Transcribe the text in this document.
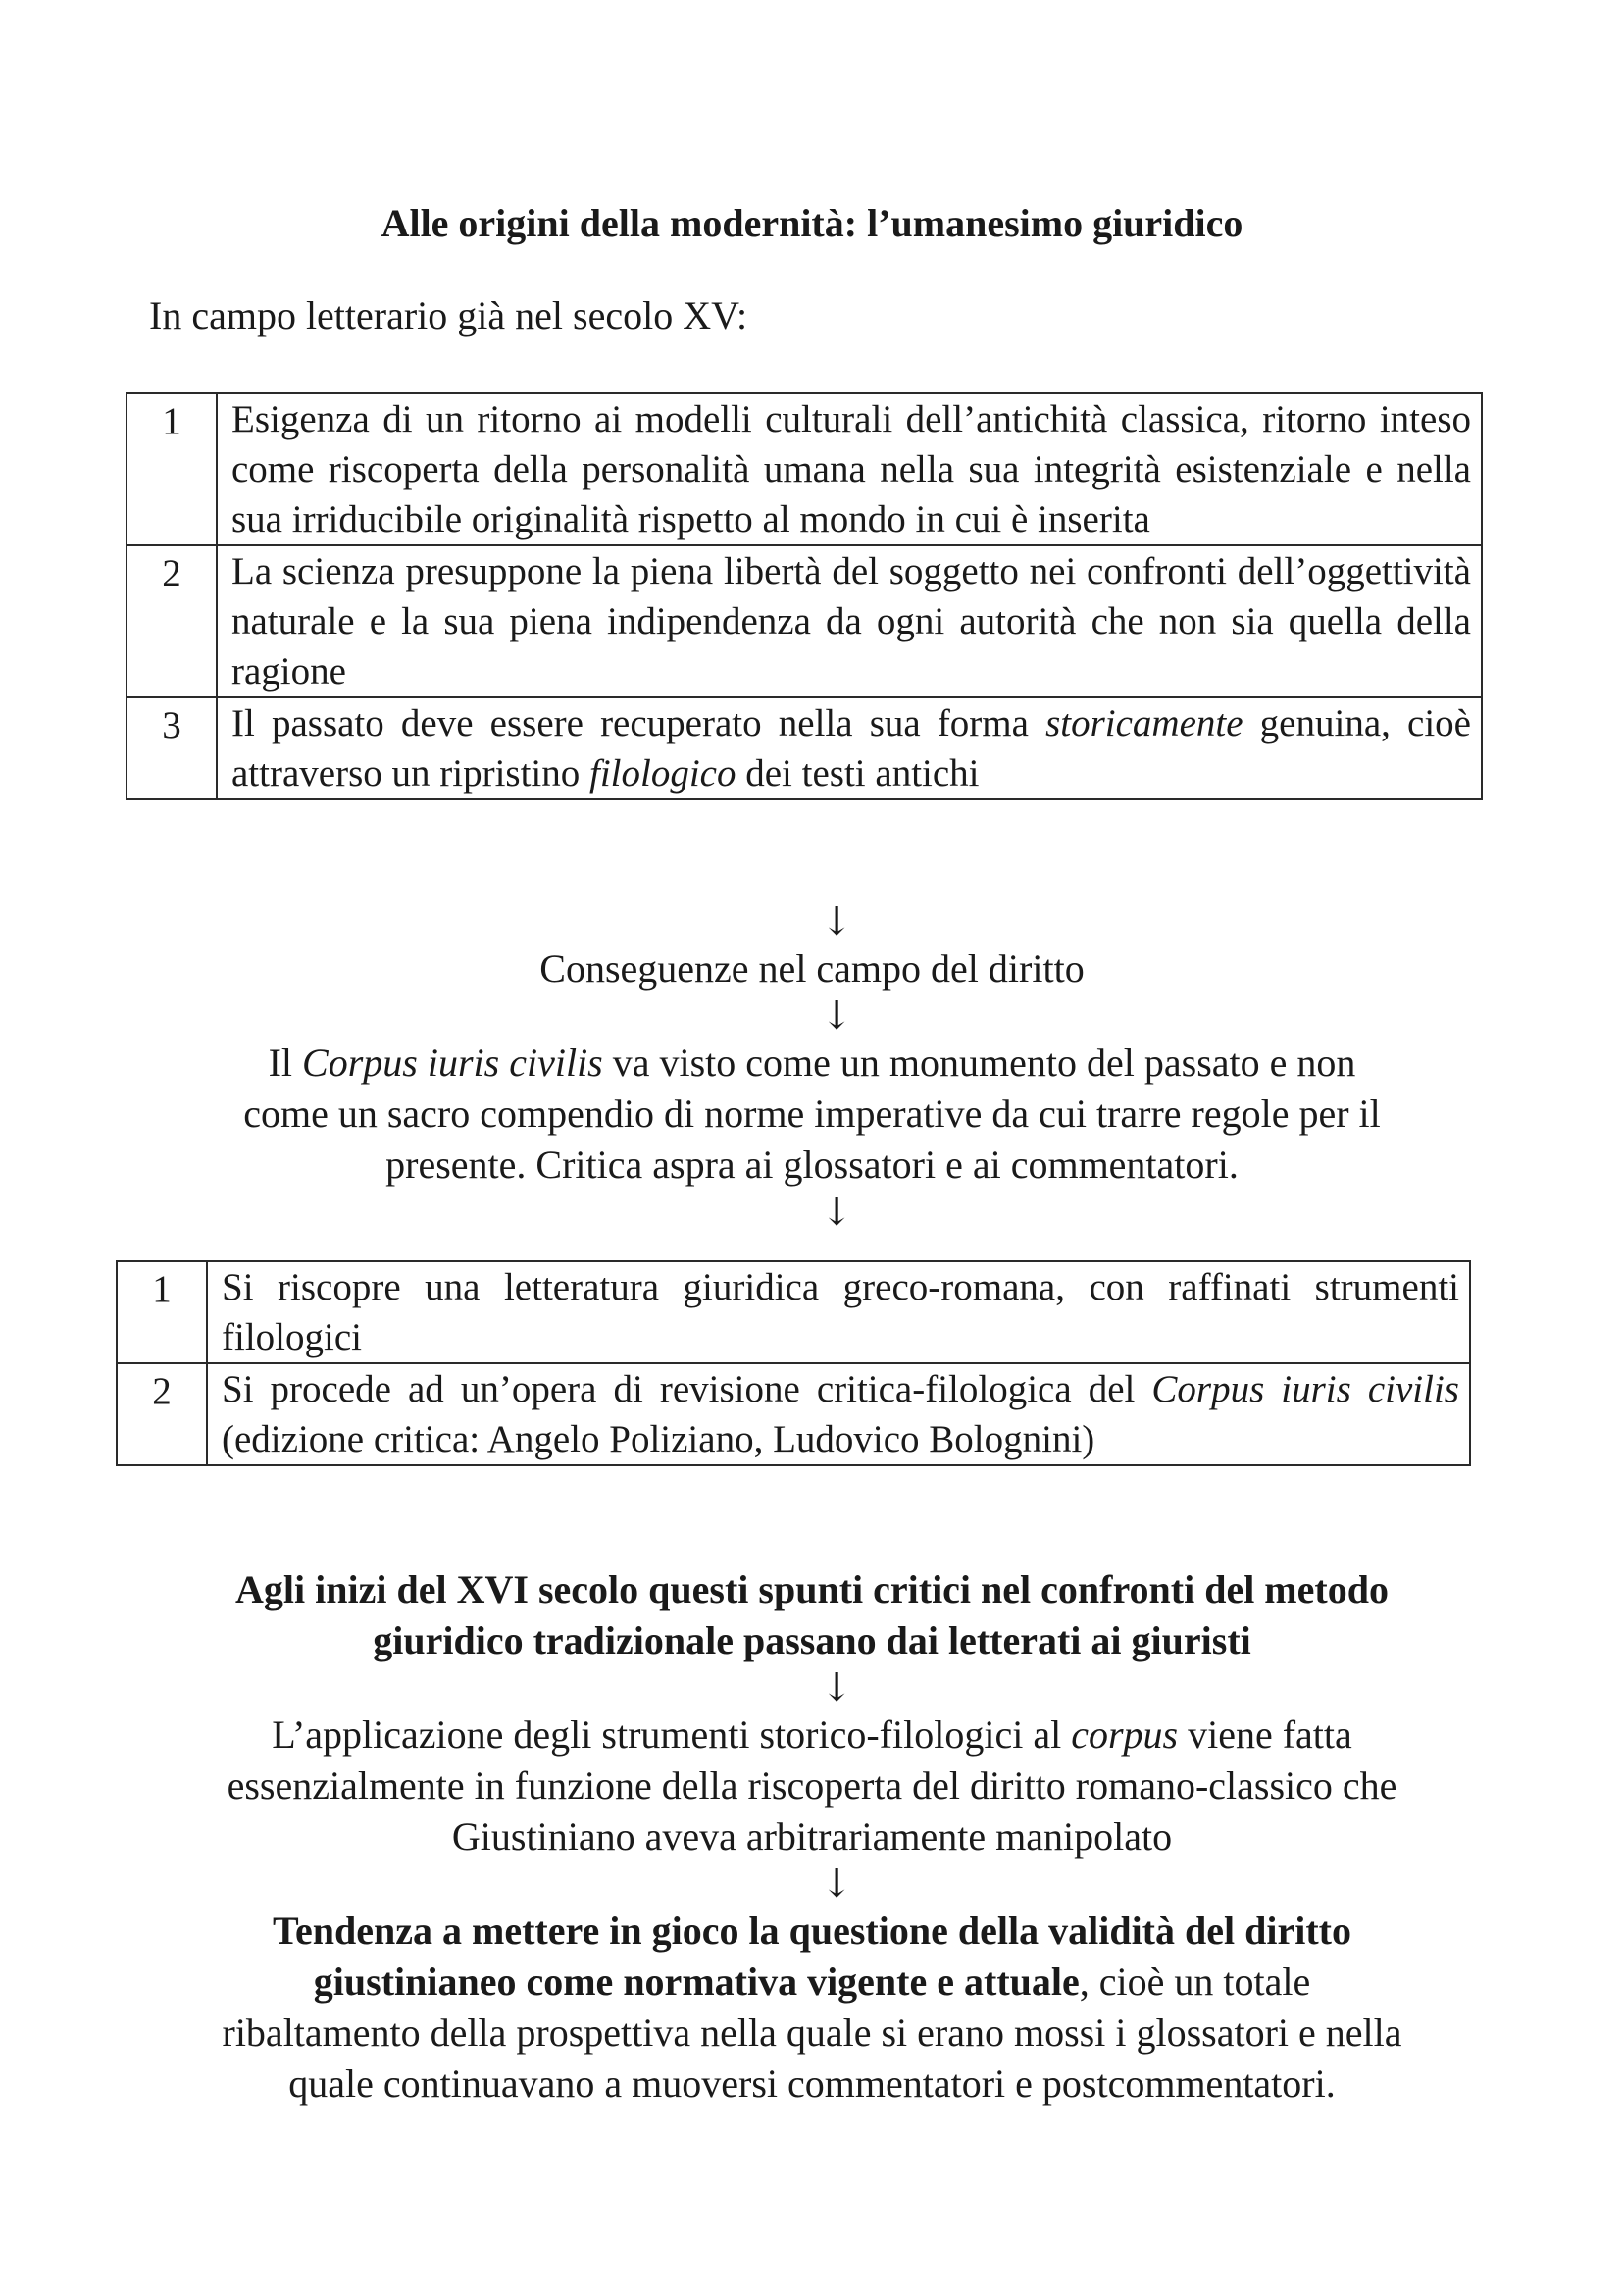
Alle origini della modernità: l’umanesimo giuridico
In campo letterario già nel secolo XV:
1	Esigenza di un ritorno ai modelli culturali dell’antichità classica, ritorno inteso come riscoperta della personalità umana nella sua integrità esistenziale e nella sua irriducibile originalità rispetto al mondo in cui è inserita
2	La scienza presuppone la piena libertà del soggetto nei confronti dell’oggettività naturale e la sua piena indipendenza da ogni autorità che non sia quella della ragione
3	Il passato deve essere recuperato nella sua forma storicamente genuina, cioè attraverso un ripristino filologico dei testi antichi
↓
Conseguenze nel campo del diritto
↓
Il Corpus iuris civilis va visto come un monumento del passato e non
come un sacro compendio di norme imperative da cui trarre regole per il
presente. Critica aspra ai glossatori e ai commentatori.
↓
1	Si riscopre una letteratura giuridica greco-romana, con raffinati strumenti filologici
2	Si procede ad un’opera di revisione critica-filologica del Corpus iuris civilis (edizione critica: Angelo Poliziano, Ludovico Bolognini)
Agli inizi del XVI secolo questi spunti critici nel confronti del metodo
giuridico tradizionale passano dai letterati ai giuristi
↓
L’applicazione degli strumenti storico-filologici al corpus viene fatta
essenzialmente in funzione della riscoperta del diritto romano-classico che
Giustiniano aveva arbitrariamente manipolato
↓
Tendenza a mettere in gioco la questione della validità del diritto
giustinianeo come normativa vigente e attuale, cioè un totale
ribaltamento della prospettiva nella quale si erano mossi i glossatori e nella
quale continuavano a muoversi commentatori e postcommentatori.
